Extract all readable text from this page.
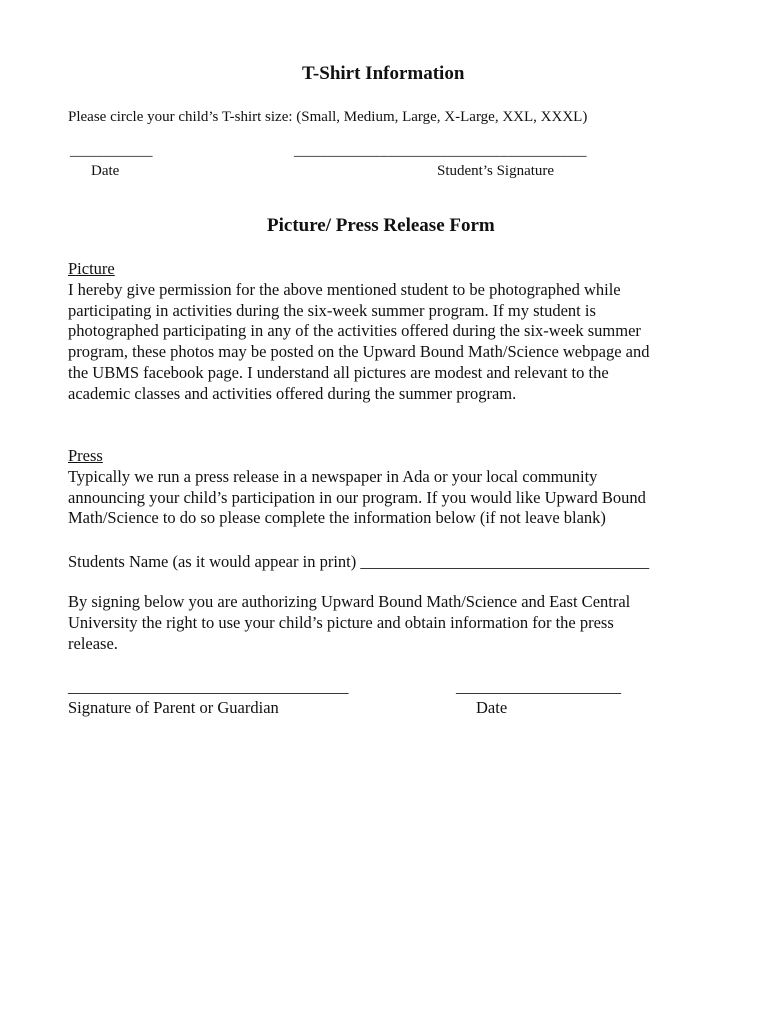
T-Shirt Information
Please circle your child’s T-shirt size: (Small, Medium, Large, X-Large, XXL, XXXL)
___________
Date
_______________________________________
Student’s Signature
Picture/ Press Release Form
Picture
I hereby give permission for the above mentioned student to be photographed while
participating in activities during the six-week summer program. If my student is
photographed participating in any of the activities offered during the six-week summer
program, these photos may be posted on the Upward Bound Math/Science webpage and
the UBMS facebook page. I understand all pictures are modest and relevant to the
academic classes and activities offered during the summer program.
Press
Typically we run a press release in a newspaper in Ada or your local community
announcing your child’s participation in our program. If you would like Upward Bound
Math/Science to do so please complete the information below (if not leave blank)
Students Name (as it would appear in print) ___________________________________
By signing below you are authorizing Upward Bound Math/Science and East Central
University the right to use your child’s picture and obtain information for the press
release.
__________________________________
Signature of Parent or Guardian
____________________
Date
